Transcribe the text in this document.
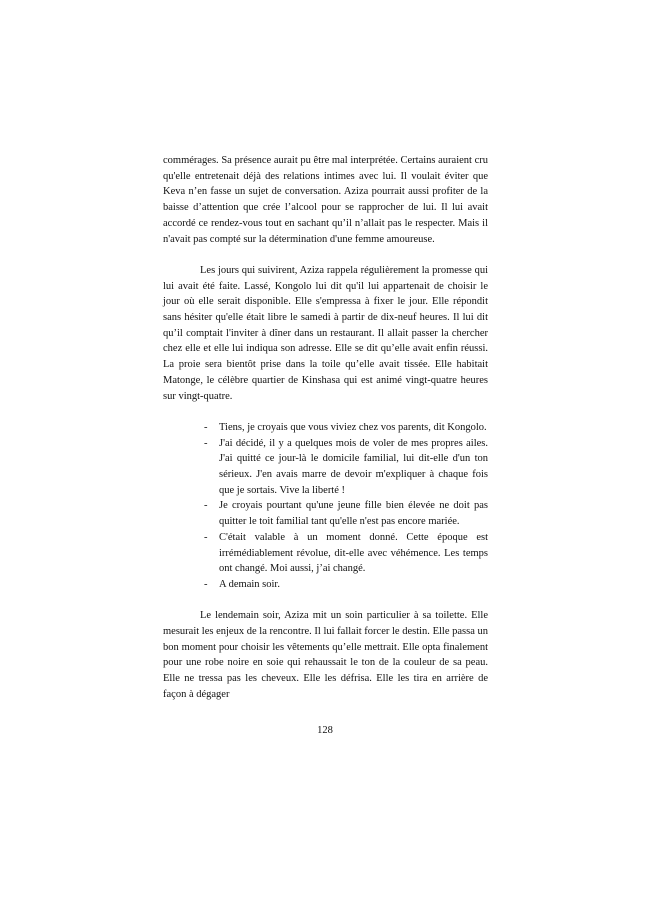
commérages. Sa présence aurait pu être mal interprétée. Certains auraient cru qu'elle entretenait déjà des relations intimes avec lui. Il voulait éviter que Keva n’en fasse un sujet de conversation. Aziza pourrait aussi profiter de la baisse d’attention que crée l’alcool pour se rapprocher de lui. Il lui avait accordé ce rendez-vous tout en sachant qu’il n’allait pas le respecter. Mais il n'avait pas compté sur la détermination d'une femme amoureuse.

Les jours qui suivirent, Aziza rappela régulièrement la promesse qui lui avait été faite. Lassé, Kongolo lui dit qu'il lui appartenait de choisir le jour où elle serait disponible. Elle s'empressa à fixer le jour. Elle répondit sans hésiter qu'elle était libre le samedi à partir de dix-neuf heures. Il lui dit qu’il comptait l'inviter à dîner dans un restaurant. Il allait passer la chercher chez elle et elle lui indiqua son adresse. Elle se dit qu’elle avait enfin réussi. La proie sera bientôt prise dans la toile qu’elle avait tissée. Elle habitait Matonge, le célèbre quartier de Kinshasa qui est animé vingt-quatre heures sur vingt-quatre.

- Tiens, je croyais que vous viviez chez vos parents, dit Kongolo.
- J'ai décidé, il y a quelques mois de voler de mes propres ailes. J'ai quitté ce jour-là le domicile familial, lui dit-elle d'un ton sérieux. J'en avais marre de devoir m'expliquer à chaque fois que je sortais. Vive la liberté !
- Je croyais pourtant qu'une jeune fille bien élevée ne doit pas quitter le toit familial tant qu'elle n'est pas encore mariée.
- C'était valable à un moment donné. Cette époque est irrémédiablement révolue, dit-elle avec véhémence. Les temps ont changé. Moi aussi, j’ai changé.
- A demain soir.

Le lendemain soir, Aziza mit un soin particulier à sa toilette. Elle mesurait les enjeux de la rencontre. Il lui fallait forcer le destin. Elle passa un bon moment pour choisir les vêtements qu’elle mettrait. Elle opta finalement pour une robe noire en soie qui rehaussait le ton de la couleur de sa peau. Elle ne tressa pas les cheveux. Elle les défrisa. Elle les tira en arrière de façon à dégager

128
